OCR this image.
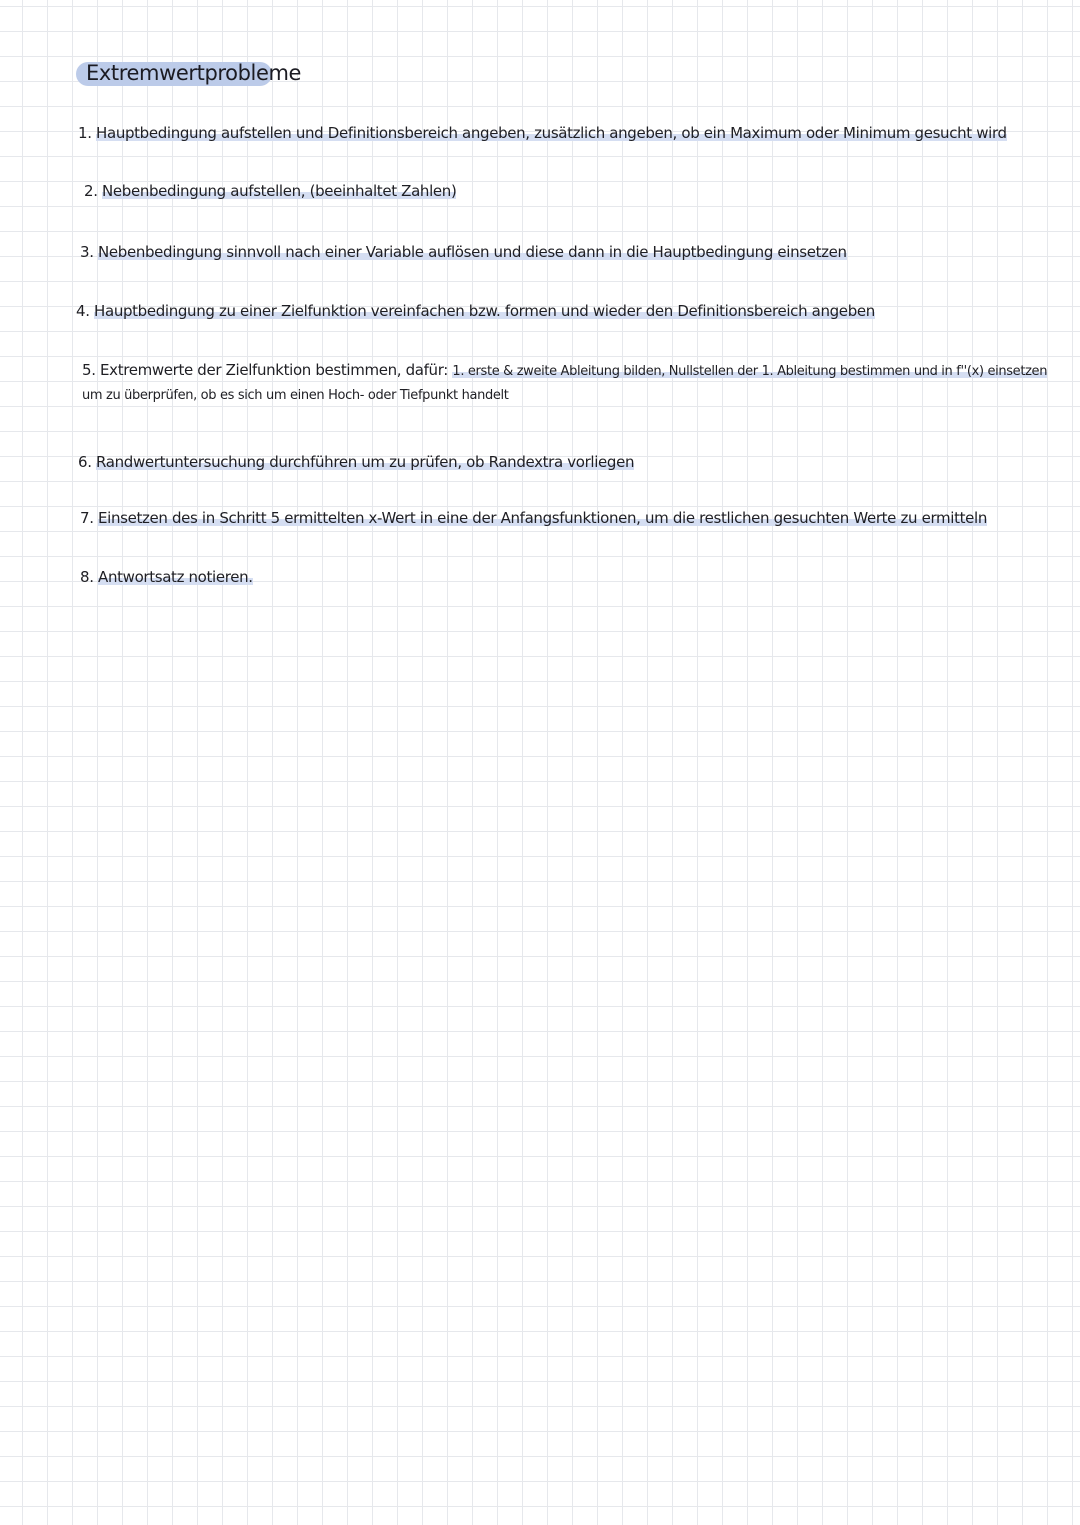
Extremwertprobleme
1. Hauptbedingung aufstellen und Definitionsbereich angeben, zusätzlich angeben, ob ein Maximum oder Minimum gesucht wird
2. Nebenbedingung aufstellen, (beeinhaltet Zahlen)
3. Nebenbedingung sinnvoll nach einer Variable auflösen und diese dann in die Hauptbedingung einsetzen
4. Hauptbedingung zu einer Zielfunktion vereinfachen bzw. formen und wieder den Definitionsbereich angeben
5. Extremwerte der Zielfunktion bestimmen, dafür: 1. erste & zweite Ableitung bilden, Nullstellen der 1. Ableitung bestimmen und in f''(x) einsetzen
um zu überprüfen, ob es sich um einen Hoch- oder Tiefpunkt handelt
6. Randwertuntersuchung durchführen um zu prüfen, ob Randextra vorliegen
7. Einsetzen des in Schritt 5 ermittelten x-Wert in eine der Anfangsfunktionen, um die restlichen gesuchten Werte zu ermitteln
8. Antwortsatz notieren.
